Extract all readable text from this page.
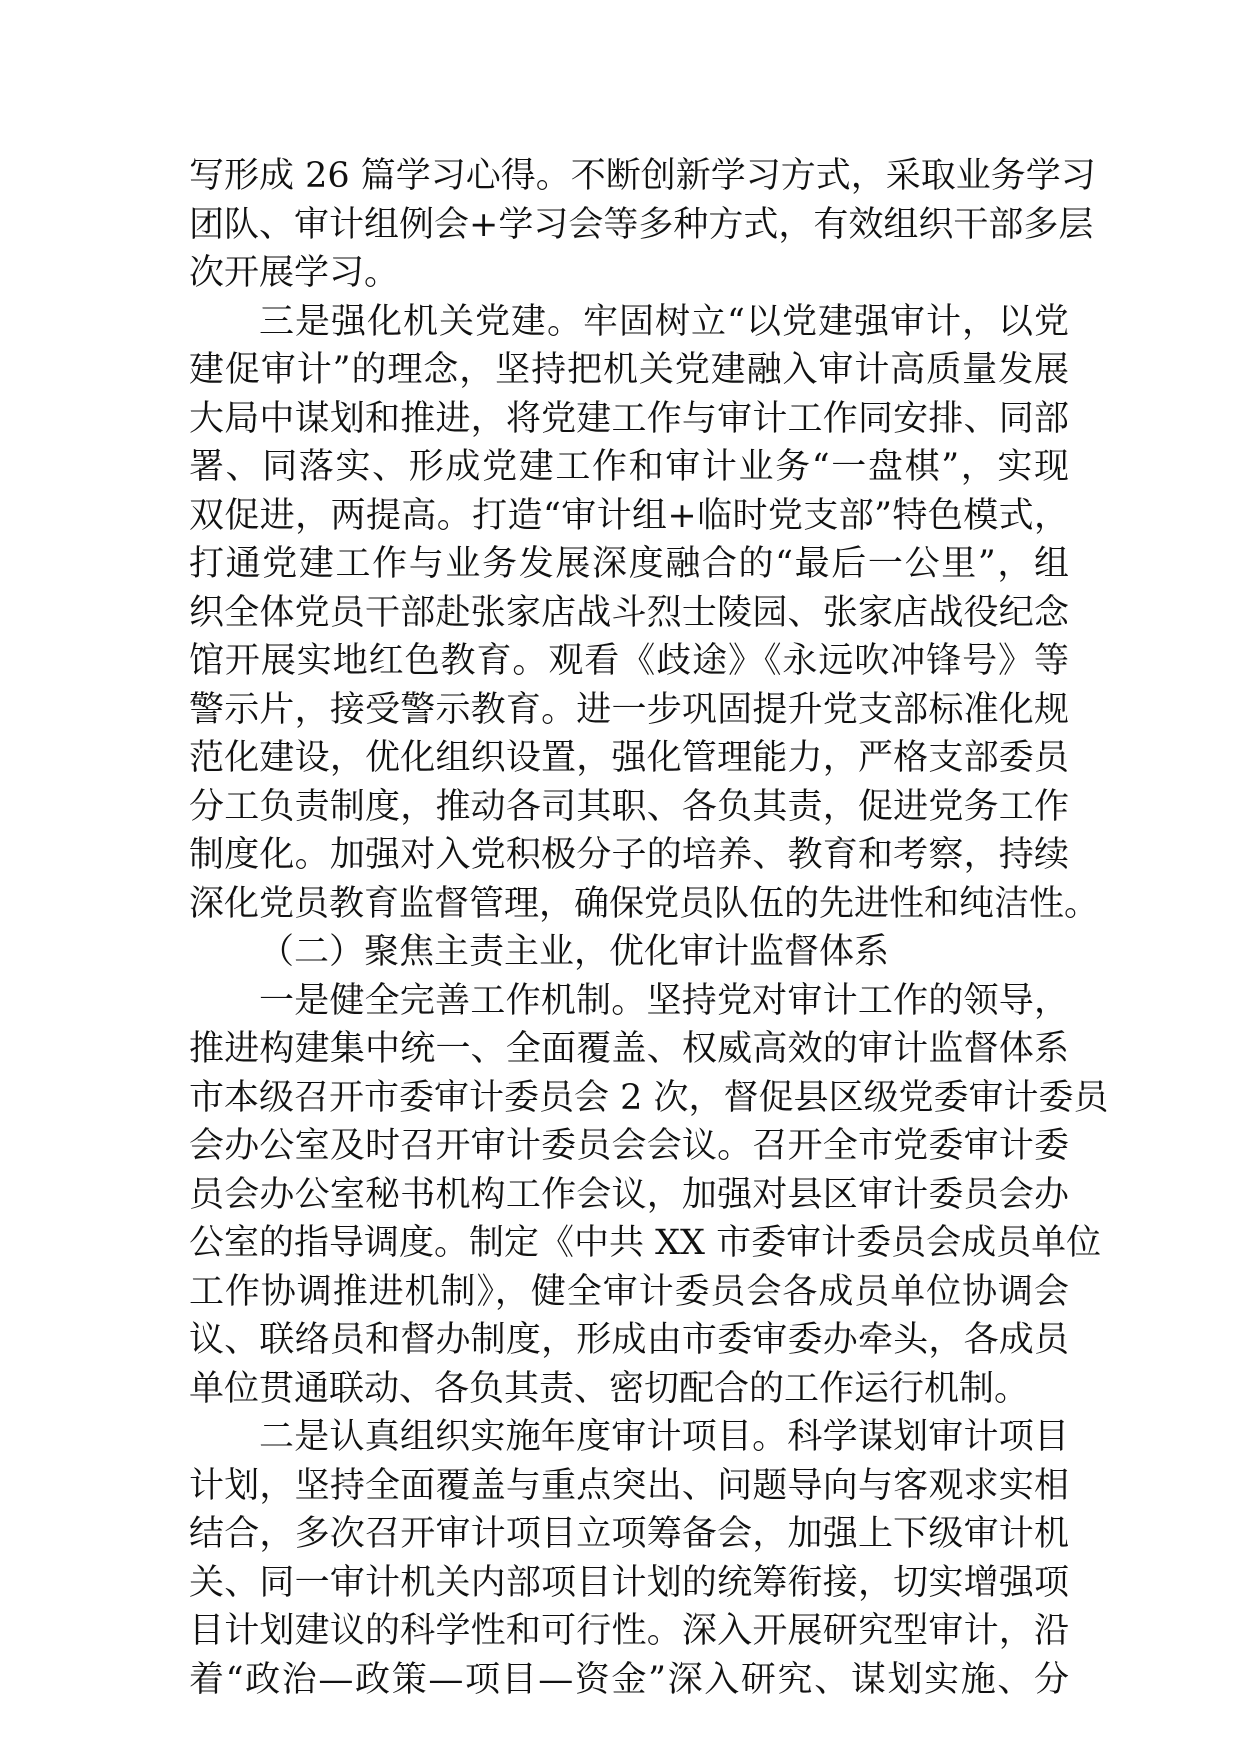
写形成 26 篇学习心得。不断创新学习方式，采取业务学习
团队、审计组例会+学习会等多种方式，有效组织干部多层
次开展学习。
三是强化机关党建。牢固树立“以党建强审计，以党
建促审计”的理念，坚持把机关党建融入审计高质量发展
大局中谋划和推进，将党建工作与审计工作同安排、同部
署、同落实、形成党建工作和审计业务“一盘棋”，实现
双促进，两提高。打造“审计组+临时党支部”特色模式，
打通党建工作与业务发展深度融合的“最后一公里”，组
织全体党员干部赴张家店战斗烈士陵园、张家店战役纪念
馆开展实地红色教育。观看《歧途》《永远吹冲锋号》等
警示片，接受警示教育。进一步巩固提升党支部标准化规
范化建设，优化组织设置，强化管理能力，严格支部委员
分工负责制度，推动各司其职、各负其责，促进党务工作
制度化。加强对入党积极分子的培养、教育和考察，持续
深化党员教育监督管理，确保党员队伍的先进性和纯洁性。
（二）聚焦主责主业，优化审计监督体系
一是健全完善工作机制。坚持党对审计工作的领导，
推进构建集中统一、全面覆盖、权威高效的审计监督体系
市本级召开市委审计委员会 2 次，督促县区级党委审计委员
会办公室及时召开审计委员会会议。召开全市党委审计委
员会办公室秘书机构工作会议，加强对县区审计委员会办
公室的指导调度。制定《中共 XX 市委审计委员会成员单位
工作协调推进机制》，健全审计委员会各成员单位协调会
议、联络员和督办制度，形成由市委审委办牵头，各成员
单位贯通联动、各负其责、密切配合的工作运行机制。
二是认真组织实施年度审计项目。科学谋划审计项目
计划，坚持全面覆盖与重点突出、问题导向与客观求实相
结合，多次召开审计项目立项筹备会，加强上下级审计机
关、同一审计机关内部项目计划的统筹衔接，切实增强项
目计划建议的科学性和可行性。深入开展研究型审计，沿
着“政治—政策—项目—资金”深入研究、谋划实施、分
